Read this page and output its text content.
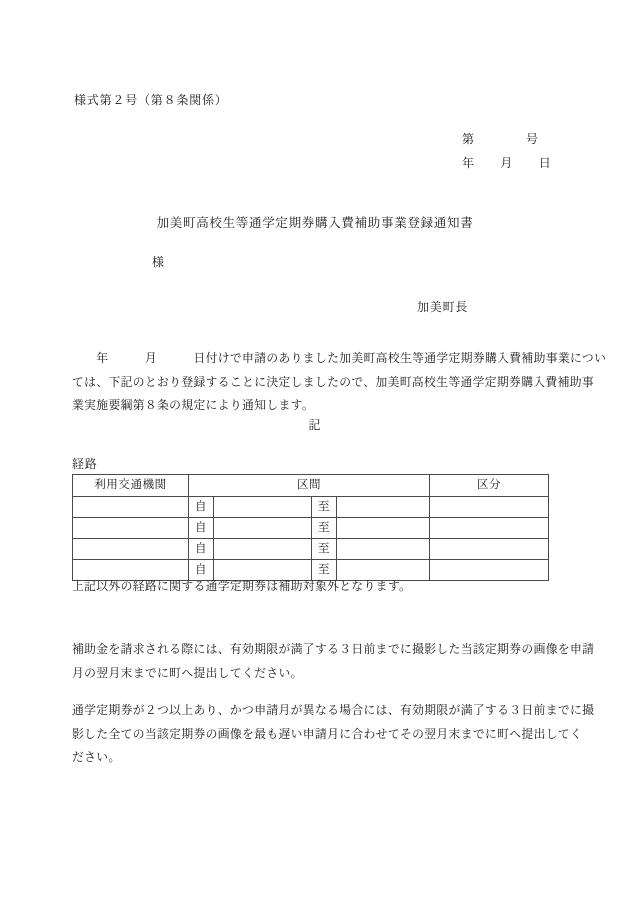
様式第２号（第８条関係）
第　　　　号
年　　月　　日
加美町高校生等通学定期券購入費補助事業登録通知書
様
加美町長
　　年　　　月　　　日付けで申請のありました加美町高校生等通学定期券購入費補助事業につい
ては、下記のとおり登録することに決定しましたので、加美町高校生等通学定期券購入費補助事
業実施要綱第８条の規定により通知します。
記
経路
利用交通機関	区間				区分
	自		至		
	自		至		
	自		至		
	自		至		
上記以外の経路に関する通学定期券は補助対象外となります。
補助金を請求される際には、有効期限が満了する３日前までに撮影した当該定期券の画像を申請
月の翌月末までに町へ提出してください。
通学定期券が２つ以上あり、かつ申請月が異なる場合には、有効期限が満了する３日前までに撮
影した全ての当該定期券の画像を最も遅い申請月に合わせてその翌月末までに町へ提出してく
ださい。
